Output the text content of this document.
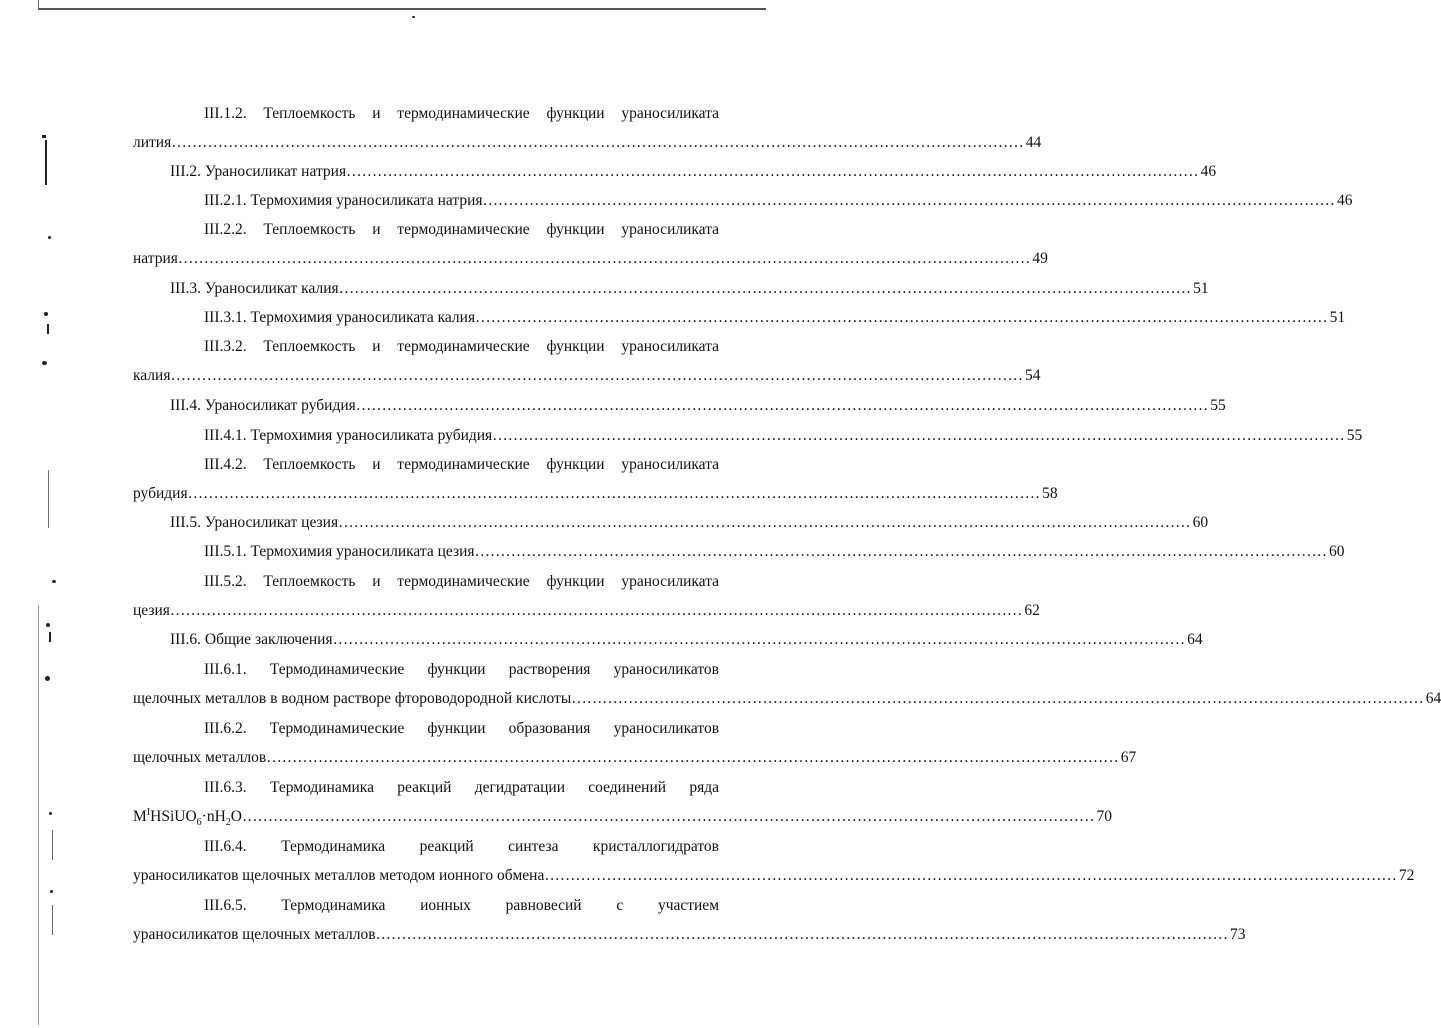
III.1.2. Теплоемкость и термодинамические функции ураносиликата
лития ………………………………………………………………………………………………………………………………………………… 44
III.2. Ураносиликат натрия ………………………………………………………………………………………………………………………………………………… 46
III.2.1. Термохимия ураносиликата натрия ………………………………………………………………………………………………………………………………………………… 46
III.2.2. Теплоемкость и термодинамические функции ураносиликата
натрия ………………………………………………………………………………………………………………………………………………… 49
III.3. Ураносиликат калия ………………………………………………………………………………………………………………………………………………… 51
III.3.1. Термохимия ураносиликата калия ………………………………………………………………………………………………………………………………………………… 51
III.3.2. Теплоемкость и термодинамические функции ураносиликата
калия ………………………………………………………………………………………………………………………………………………… 54
III.4. Ураносиликат рубидия ………………………………………………………………………………………………………………………………………………… 55
III.4.1. Термохимия ураносиликата рубидия ………………………………………………………………………………………………………………………………………………… 55
III.4.2. Теплоемкость и термодинамические функции ураносиликата
рубидия ………………………………………………………………………………………………………………………………………………… 58
III.5. Ураносиликат цезия ………………………………………………………………………………………………………………………………………………… 60
III.5.1. Термохимия ураносиликата цезия ………………………………………………………………………………………………………………………………………………… 60
III.5.2. Теплоемкость и термодинамические функции ураносиликата
цезия ………………………………………………………………………………………………………………………………………………… 62
III.6. Общие заключения ………………………………………………………………………………………………………………………………………………… 64
III.6.1. Термодинамические функции растворения ураносиликатов
щелочных металлов в водном растворе фтороводородной кислоты ………………………………………………………………………………………………………………………………………………… 64
III.6.2. Термодинамические функции образования ураносиликатов
щелочных металлов ………………………………………………………………………………………………………………………………………………… 67
III.6.3. Термодинамика реакций дегидратации соединений ряда
$M^IHSiUO_6\cdot nH_2O$ ………………………………………………………………………………………………………………………………………………… 70
III.6.4. Термодинамика реакций синтеза кристаллогидратов
ураносиликатов щелочных металлов методом ионного обмена ………………………………………………………………………………………………………………………………………………… 72
III.6.5. Термодинамика ионных равновесий с участием
ураносиликатов щелочных металлов ………………………………………………………………………………………………………………………………………………… 73
